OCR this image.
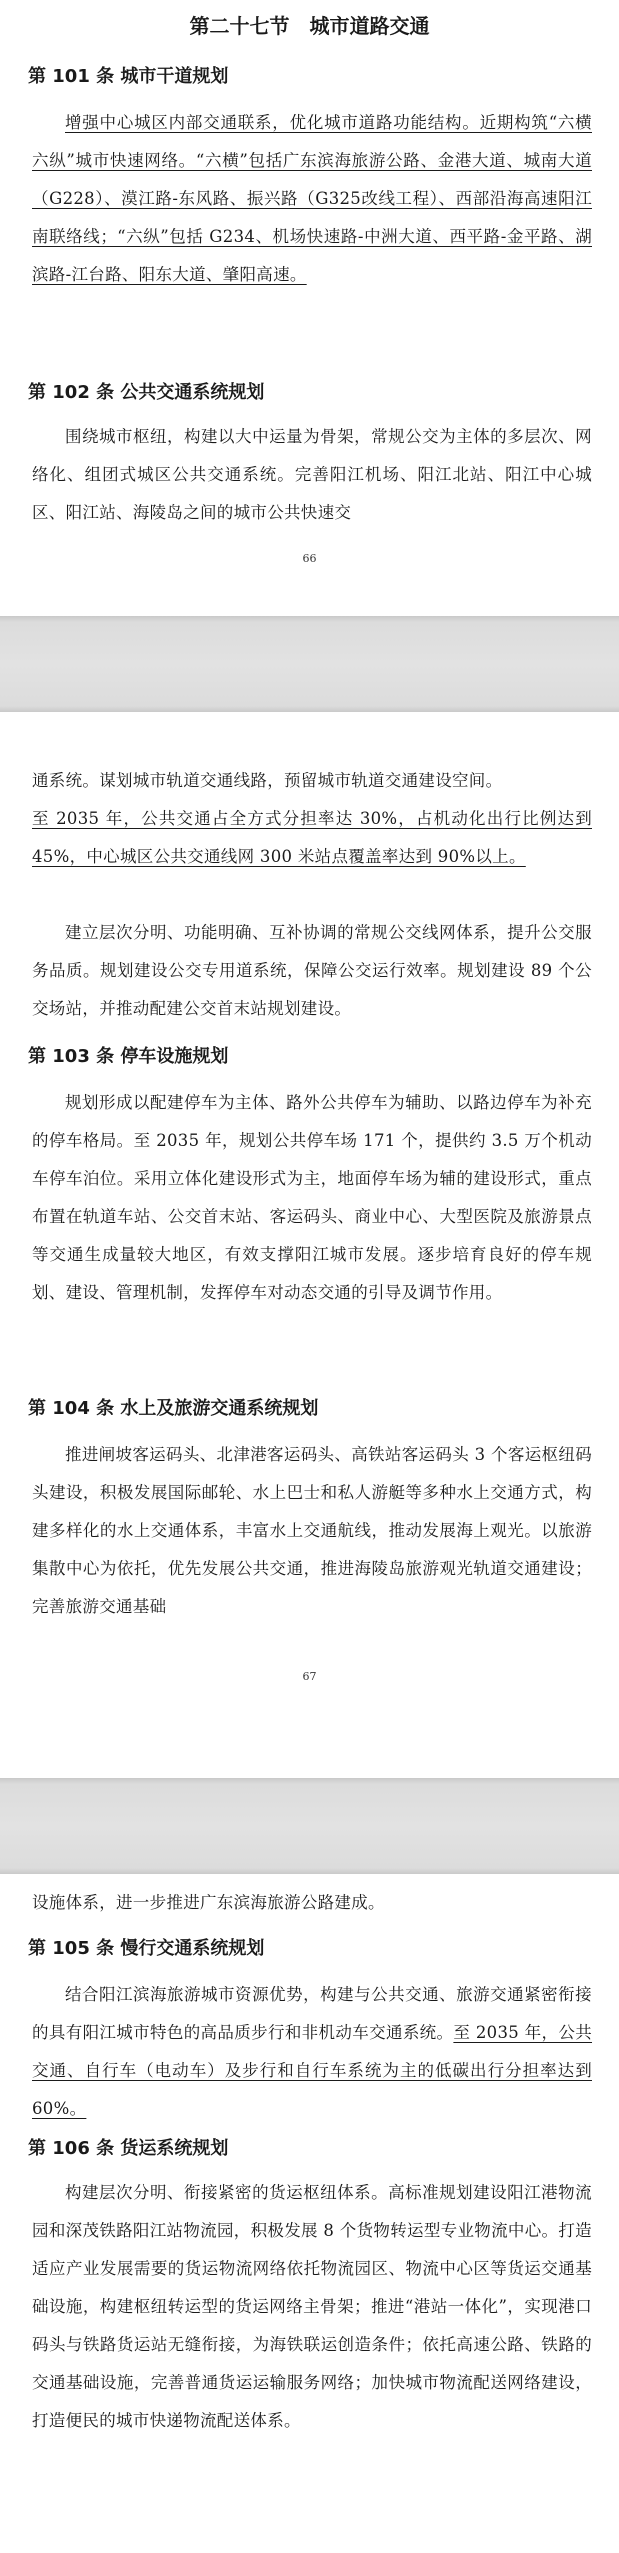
第二十七节　城市道路交通
第 101 条 城市干道规划

增强中心城区内部交通联系，优化城市道路功能结构。近期构筑“六横六纵”城市快速网络。“六横”包括广东滨海旅游公路、金港大道、城南大道（G228）、漠江路-东风路、振兴路（G325改线工程）、西部沿海高速阳江南联络线；“六纵”包括 G234、机场快速路-中洲大道、西平路-金平路、湖滨路-江台路、阳东大道、肇阳高速。

第 102 条 公共交通系统规划

围绕城市枢纽，构建以大中运量为骨架，常规公交为主体的多层次、网络化、组团式城区公共交通系统。完善阳江机场、阳江北站、阳江中心城区、阳江站、海陵岛之间的城市公共快速交

66

通系统。谋划城市轨道交通线路，预留城市轨道交通建设空间。

至 2035 年，公共交通占全方式分担率达 30%，占机动化出行比例达到 45%，中心城区公共交通线网 300 米站点覆盖率达到 90%以上。

建立层次分明、功能明确、互补协调的常规公交线网体系，提升公交服务品质。规划建设公交专用道系统，保障公交运行效率。规划建设 89 个公交场站，并推动配建公交首末站规划建设。

第 103 条 停车设施规划

规划形成以配建停车为主体、路外公共停车为辅助、以路边停车为补充的停车格局。至 2035 年，规划公共停车场 171 个，提供约 3.5 万个机动车停车泊位。采用立体化建设形式为主，地面停车场为辅的建设形式，重点布置在轨道车站、公交首末站、客运码头、商业中心、大型医院及旅游景点等交通生成量较大地区，有效支撑阳江城市发展。逐步培育良好的停车规划、建设、管理机制，发挥停车对动态交通的引导及调节作用。

第 104 条 水上及旅游交通系统规划

推进闸坡客运码头、北津港客运码头、高铁站客运码头 3 个客运枢纽码头建设，积极发展国际邮轮、水上巴士和私人游艇等多种水上交通方式，构建多样化的水上交通体系，丰富水上交通航线，推动发展海上观光。以旅游集散中心为依托，优先发展公共交通，推进海陵岛旅游观光轨道交通建设；完善旅游交通基础

67

设施体系，进一步推进广东滨海旅游公路建成。

第 105 条 慢行交通系统规划

结合阳江滨海旅游城市资源优势，构建与公共交通、旅游交通紧密衔接的具有阳江城市特色的高品质步行和非机动车交通系统。至 2035 年，公共交通、自行车（电动车）及步行和自行车系统为主的低碳出行分担率达到 60%。

第 106 条 货运系统规划

构建层次分明、衔接紧密的货运枢纽体系。高标准规划建设阳江港物流园和深茂铁路阳江站物流园，积极发展 8 个货物转运型专业物流中心。打造适应产业发展需要的货运物流网络依托物流园区、物流中心区等货运交通基础设施，构建枢纽转运型的货运网络主骨架；推进“港站一体化”，实现港口码头与铁路货运站无缝衔接，为海铁联运创造条件；依托高速公路、铁路的交通基础设施，完善普通货运运输服务网络；加快城市物流配送网络建设，打造便民的城市快递物流配送体系。
